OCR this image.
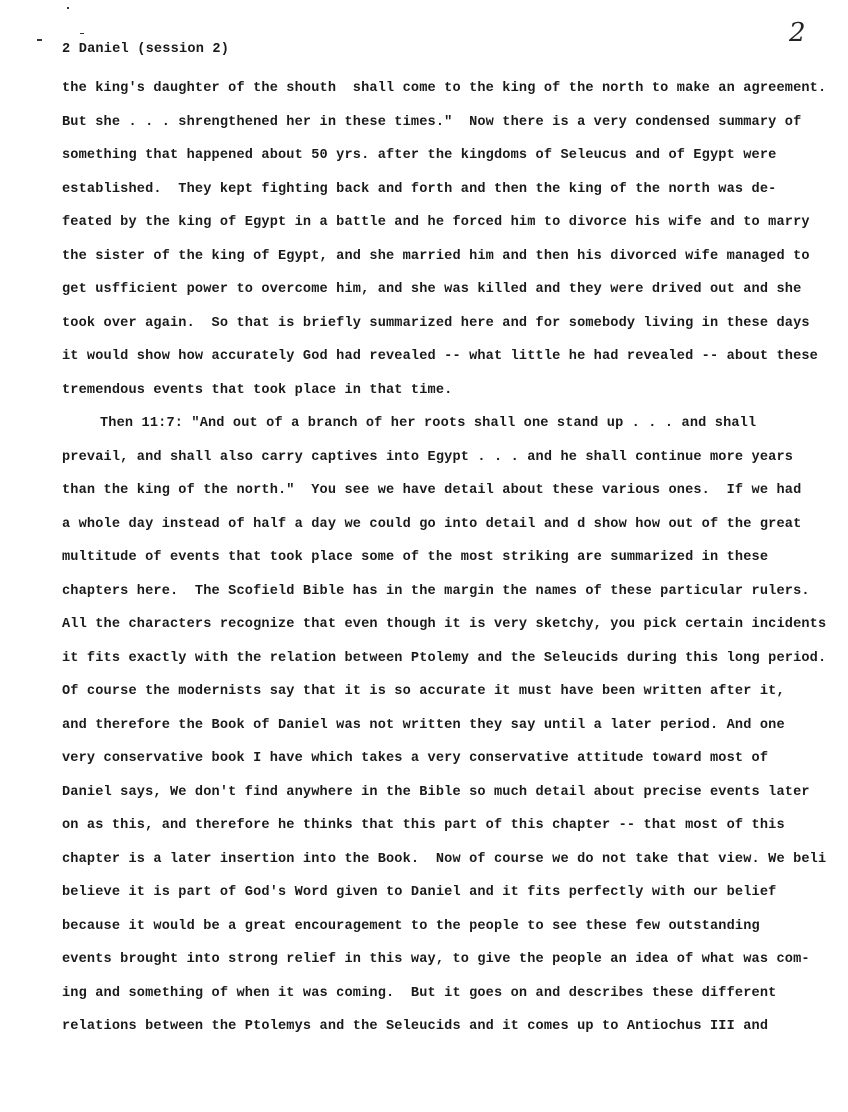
2
2 Daniel (session 2)
the king's daughter of the shouth  shall come to the king of the north to make an agreement.
But she . . . shrengthened her in these times."  Now there is a very condensed summary of
something that happened about 50 yrs. after the kingdoms of Seleucus and of Egypt were
established.  They kept fighting back and forth and then the king of the north was de-
feated by the king of Egypt in a battle and he forced him to divorce his wife and to marry
the sister of the king of Egypt, and she married him and then his divorced wife managed to
get usfficient power to overcome him, and she was killed and they were drived out and she
took over again.  So that is briefly summarized here and for somebody living in these days
it would show how accurately God had revealed -- what little he had revealed -- about these
tremendous events that took place in that time.
Then 11:7: "And out of a branch of her roots shall one stand up . . . and shall
prevail, and shall also carry captives into Egypt . . . and he shall continue more years
than the king of the north."  You see we have detail about these various ones.  If we had
a whole day instead of half a day we could go into detail and d show how out of the great
multitude of events that took place some of the most striking are summarized in these
chapters here.  The Scofield Bible has in the margin the names of these particular rulers.
All the characters recognize that even though it is very sketchy, you pick certain incidents
it fits exactly with the relation between Ptolemy and the Seleucids during this long period.
Of course the modernists say that it is so accurate it must have been written after it,
and therefore the Book of Daniel was not written they say until a later period. And one
very conservative book I have which takes a very conservative attitude toward most of
Daniel says, We don't find anywhere in the Bible so much detail about precise events later
on as this, and therefore he thinks that this part of this chapter -- that most of this
chapter is a later insertion into the Book.  Now of course we do not take that view. We beli
believe it is part of God's Word given to Daniel and it fits perfectly with our belief
because it would be a great encouragement to the people to see these few outstanding
events brought into strong relief in this way, to give the people an idea of what was com-
ing and something of when it was coming.  But it goes on and describes these different
relations between the Ptolemys and the Seleucids and it comes up to Antiochus III and
